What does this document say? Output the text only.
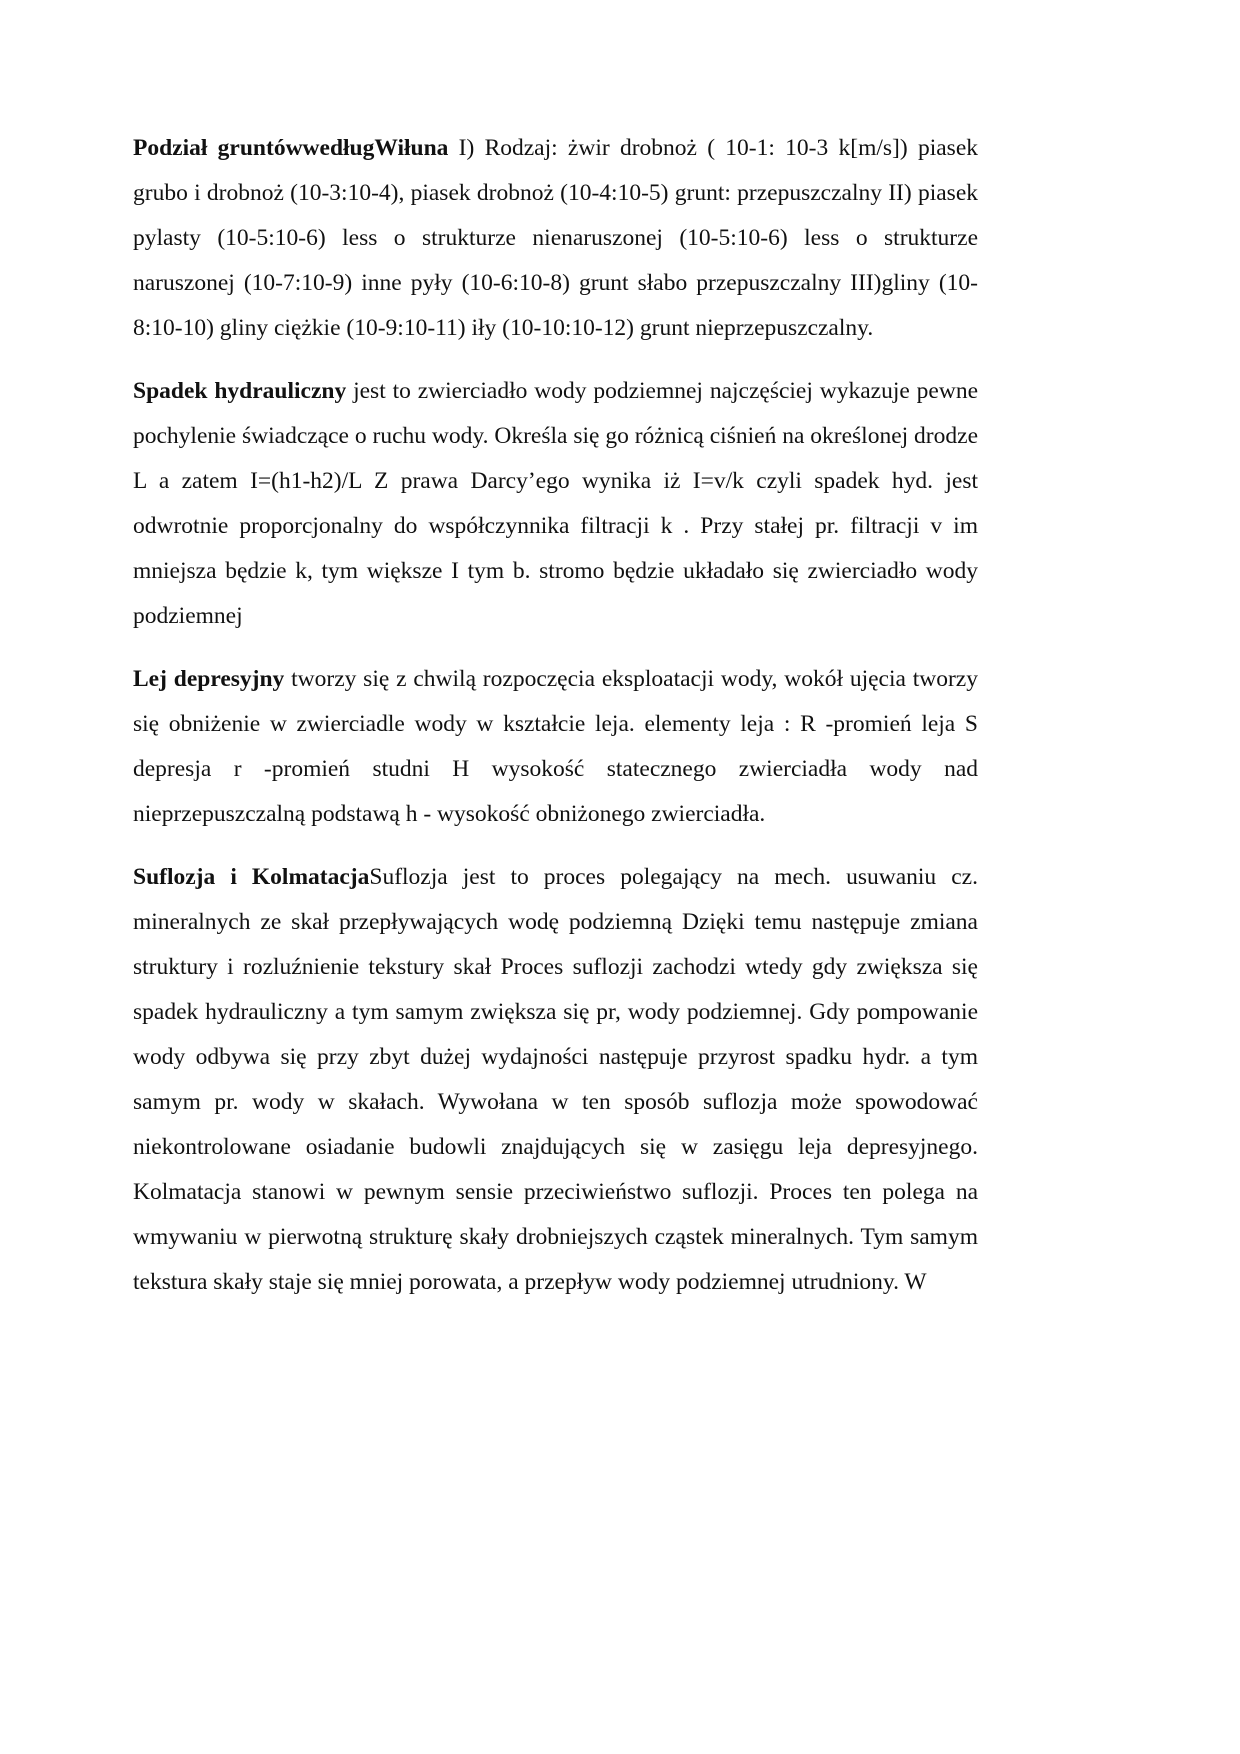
Podział gruntówwedługWiłuna I) Rodzaj: żwir drobnoż ( 10-1: 10-3 k[m/s]) piasek grubo i drobnoż (10-3:10-4), piasek drobnoż (10-4:10-5) grunt: przepuszczalny II) piasek pylasty (10-5:10-6) less o strukturze nienaruszonej (10-5:10-6) less o strukturze naruszonej (10-7:10-9) inne pyły (10-6:10-8) grunt słabo przepuszczalny III)gliny (10-8:10-10) gliny ciężkie (10-9:10-11) iły (10-10:10-12) grunt nieprzepuszczalny.

Spadek hydrauliczny jest to zwierciadło wody podziemnej najczęściej wykazuje pewne pochylenie świadczące o ruchu wody. Określa się go różnicą ciśnień na określonej drodze L a zatem I=(h1-h2)/L Z prawa Darcy’ego wynika iż I=v/k czyli spadek hyd. jest odwrotnie proporcjonalny do współczynnika filtracji k . Przy stałej pr. filtracji v im mniejsza będzie k, tym większe I tym b. stromo będzie układało się zwierciadło wody podziemnej

Lej depresyjny tworzy się z chwilą rozpoczęcia eksploatacji wody, wokół ujęcia tworzy się obniżenie w zwierciadle wody w kształcie leja. elementy leja : R -promień leja S depresja r -promień studni H wysokość statecznego zwierciadła wody nad nieprzepuszczalną podstawą h - wysokość obniżonego zwierciadła.

Suflozja i KolmatacjaSuflozja jest to proces polegający na mech. usuwaniu cz. mineralnych ze skał przepływających wodę podziemną Dzięki temu następuje zmiana struktury i rozluźnienie tekstury skał Proces suflozji zachodzi wtedy gdy zwiększa się spadek hydrauliczny a tym samym zwiększa się pr, wody podziemnej. Gdy pompowanie wody odbywa się przy zbyt dużej wydajności następuje przyrost spadku hydr. a tym samym pr. wody w skałach. Wywołana w ten sposób suflozja może spowodować niekontrolowane osiadanie budowli znajdujących się w zasięgu leja depresyjnego. Kolmatacja stanowi w pewnym sensie przeciwieństwo suflozji. Proces ten polega na wmywaniu w pierwotną strukturę skały drobniejszych cząstek mineralnych. Tym samym tekstura skały staje się mniej porowata, a przepływ wody podziemnej utrudniony. W
